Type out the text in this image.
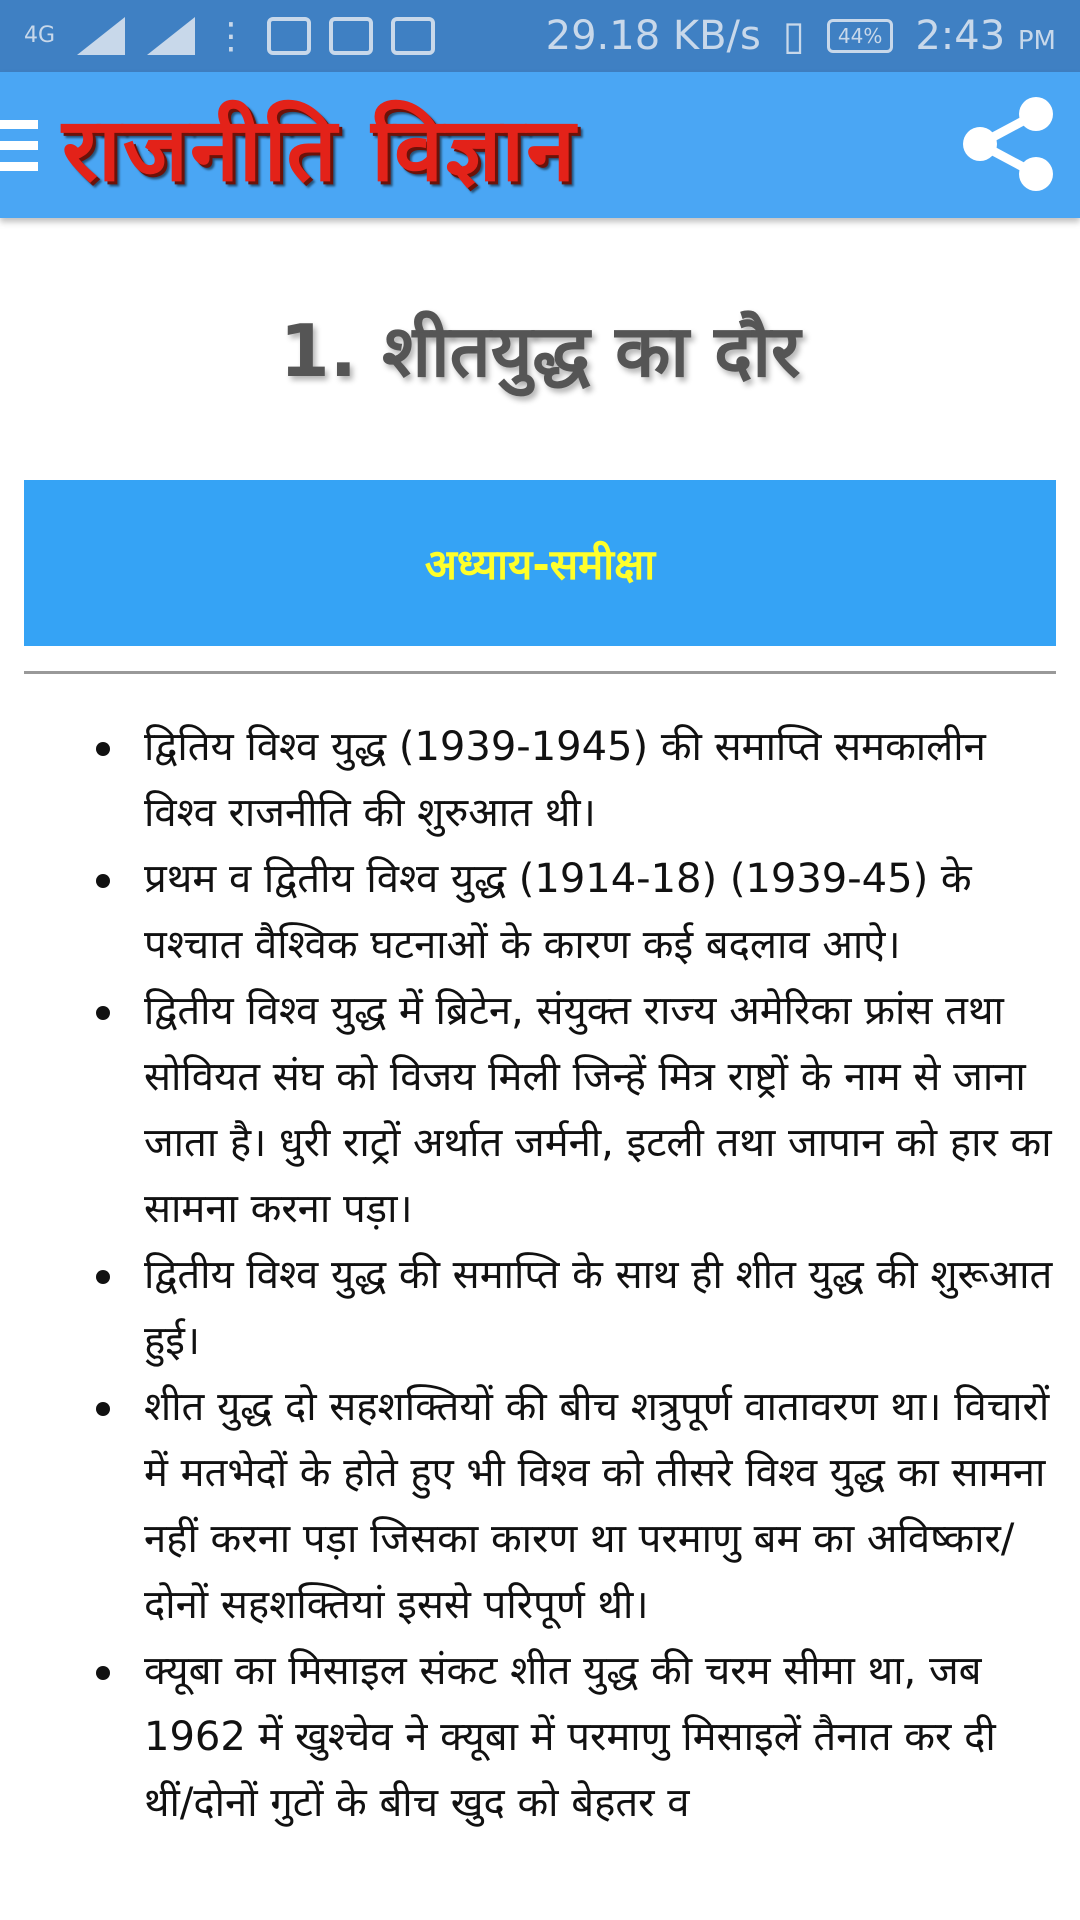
4G	⋮	29.18 KB/s ▯	44% 2:43 PM
राजनीति विज्ञान
1. शीतयुद्ध का दौर
अध्याय-समीक्षा
द्वितिय विश्व युद्ध (1939-1945) की समाप्ति समकालीन विश्व राजनीति की शुरुआत थी।
प्रथम व द्वितीय विश्व युद्ध (1914-18) (1939-45) के पश्चात वैश्विक घटनाओं के कारण कई बदलाव आऐ।
द्वितीय विश्व युद्ध में ब्रिटेन, संयुक्त राज्य अमेरिका फ्रांस तथा सोवियत संघ को विजय मिली जिन्हें मित्र राष्ट्रों के नाम से जाना जाता है। धुरी राट्रों अर्थात जर्मनी, इटली तथा जापान को हार का सामना करना पड़ा।
द्वितीय विश्व युद्ध की समाप्ति के साथ ही शीत युद्ध की शुरूआत हुई।
शीत युद्ध दो सहशक्तियों की बीच शत्रुपूर्ण वातावरण था। विचारों में मतभेदों के होते हुए भी विश्व को तीसरे विश्व युद्ध का सामना नहीं करना पड़ा जिसका कारण था परमाणु बम का अविष्कार/दोनों सहशक्तियां इससे परिपूर्ण थी।
क्यूबा का मिसाइल संकट शीत युद्ध की चरम सीमा था, जब 1962 में खुश्चेव ने क्यूबा में परमाणु मिसाइलें तैनात कर दी थीं/दोनों गुटों के बीच खुद को बेहतर व
